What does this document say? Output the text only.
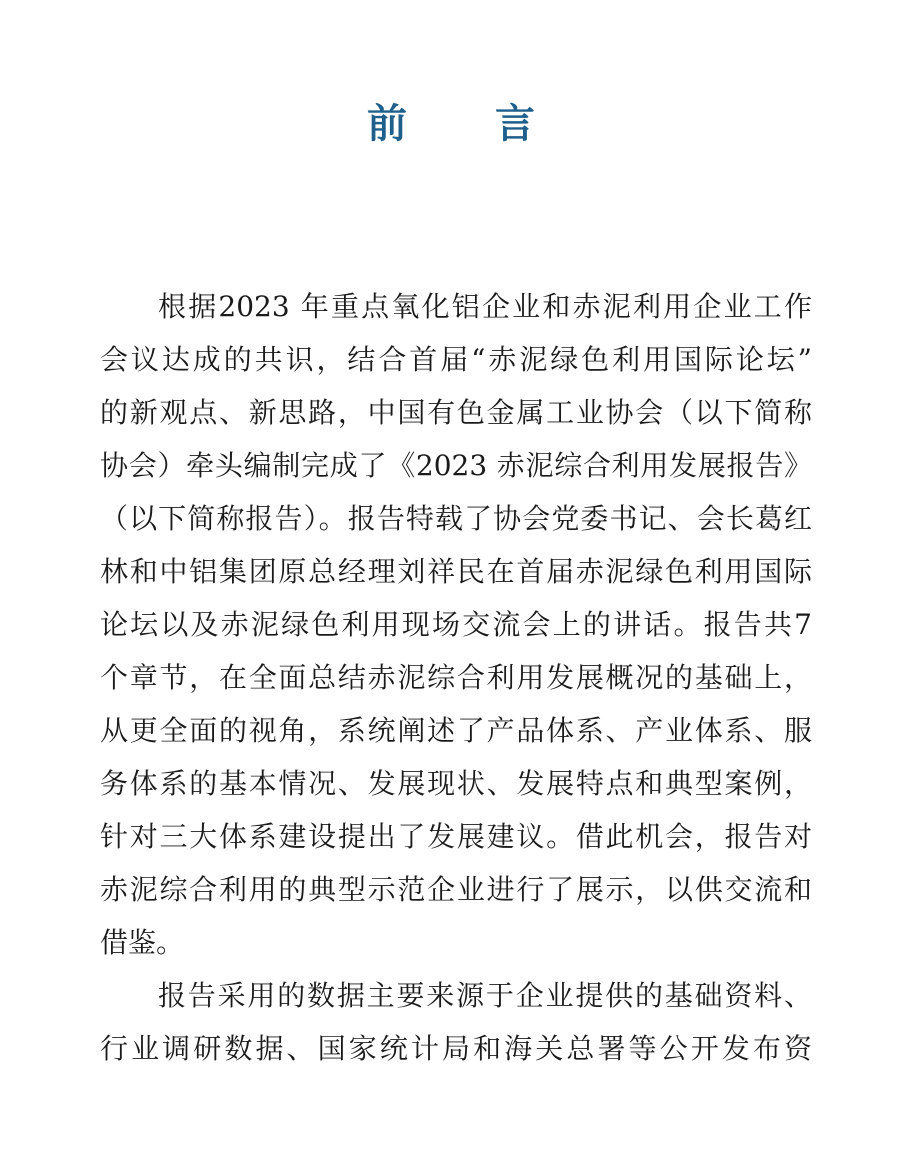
前 言
根据2023 年重点氧化铝企业和赤泥利用企业工作
会议达成的共识，结合首届“赤泥绿色利用国际论坛”
的新观点、新思路，中国有色金属工业协会（以下简称
协会）牵头编制完成了《2023 赤泥综合利用发展报告》
（以下简称报告）。报告特载了协会党委书记、会长葛红
林和中铝集团原总经理刘祥民在首届赤泥绿色利用国际
论坛以及赤泥绿色利用现场交流会上的讲话。报告共7
个章节，在全面总结赤泥综合利用发展概况的基础上，
从更全面的视角，系统阐述了产品体系、产业体系、服
务体系的基本情况、发展现状、发展特点和典型案例，
针对三大体系建设提出了发展建议。借此机会，报告对
赤泥综合利用的典型示范企业进行了展示，以供交流和
借鉴。
报告采用的数据主要来源于企业提供的基础资料、
行业调研数据、国家统计局和海关总署等公开发布资
